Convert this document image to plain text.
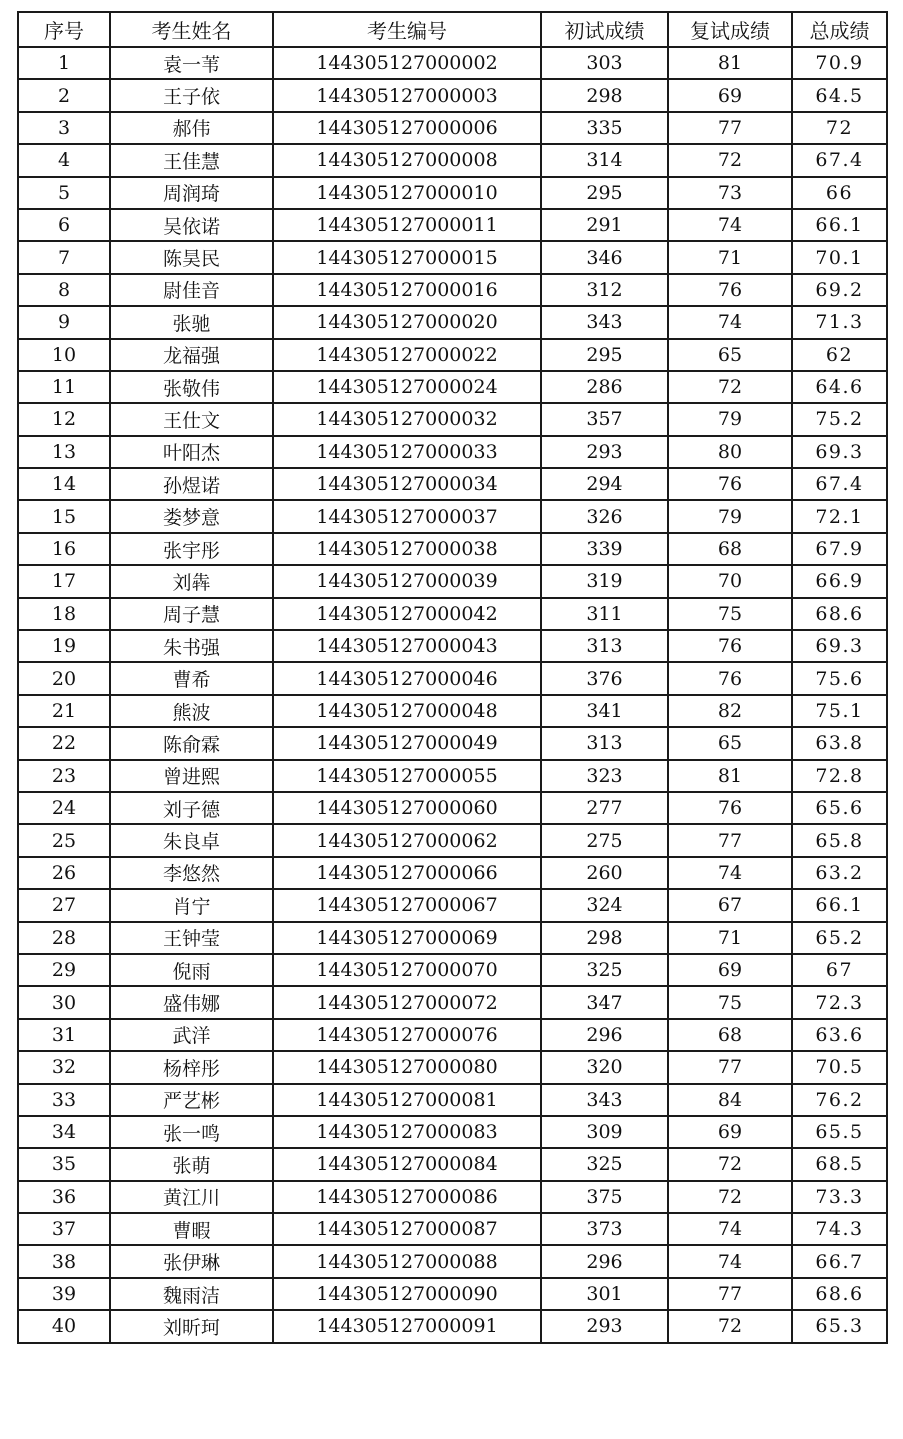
序号	考生姓名	考生编号	初试成绩	复试成绩	总成绩
1	袁一苇	144305127000002	303	81	70.9
2	王子依	144305127000003	298	69	64.5
3	郝伟	144305127000006	335	77	72
4	王佳慧	144305127000008	314	72	67.4
5	周润琦	144305127000010	295	73	66
6	吴依诺	144305127000011	291	74	66.1
7	陈昊民	144305127000015	346	71	70.1
8	尉佳音	144305127000016	312	76	69.2
9	张驰	144305127000020	343	74	71.3
10	龙福强	144305127000022	295	65	62
11	张敬伟	144305127000024	286	72	64.6
12	王仕文	144305127000032	357	79	75.2
13	叶阳杰	144305127000033	293	80	69.3
14	孙煜诺	144305127000034	294	76	67.4
15	娄梦意	144305127000037	326	79	72.1
16	张宇彤	144305127000038	339	68	67.9
17	刘犇	144305127000039	319	70	66.9
18	周子慧	144305127000042	311	75	68.6
19	朱书强	144305127000043	313	76	69.3
20	曹希	144305127000046	376	76	75.6
21	熊波	144305127000048	341	82	75.1
22	陈俞霖	144305127000049	313	65	63.8
23	曾进熙	144305127000055	323	81	72.8
24	刘子德	144305127000060	277	76	65.6
25	朱良卓	144305127000062	275	77	65.8
26	李悠然	144305127000066	260	74	63.2
27	肖宁	144305127000067	324	67	66.1
28	王钟莹	144305127000069	298	71	65.2
29	倪雨	144305127000070	325	69	67
30	盛伟娜	144305127000072	347	75	72.3
31	武洋	144305127000076	296	68	63.6
32	杨梓彤	144305127000080	320	77	70.5
33	严艺彬	144305127000081	343	84	76.2
34	张一鸣	144305127000083	309	69	65.5
35	张萌	144305127000084	325	72	68.5
36	黄江川	144305127000086	375	72	73.3
37	曹暇	144305127000087	373	74	74.3
38	张伊琳	144305127000088	296	74	66.7
39	魏雨洁	144305127000090	301	77	68.6
40	刘昕珂	144305127000091	293	72	65.3
